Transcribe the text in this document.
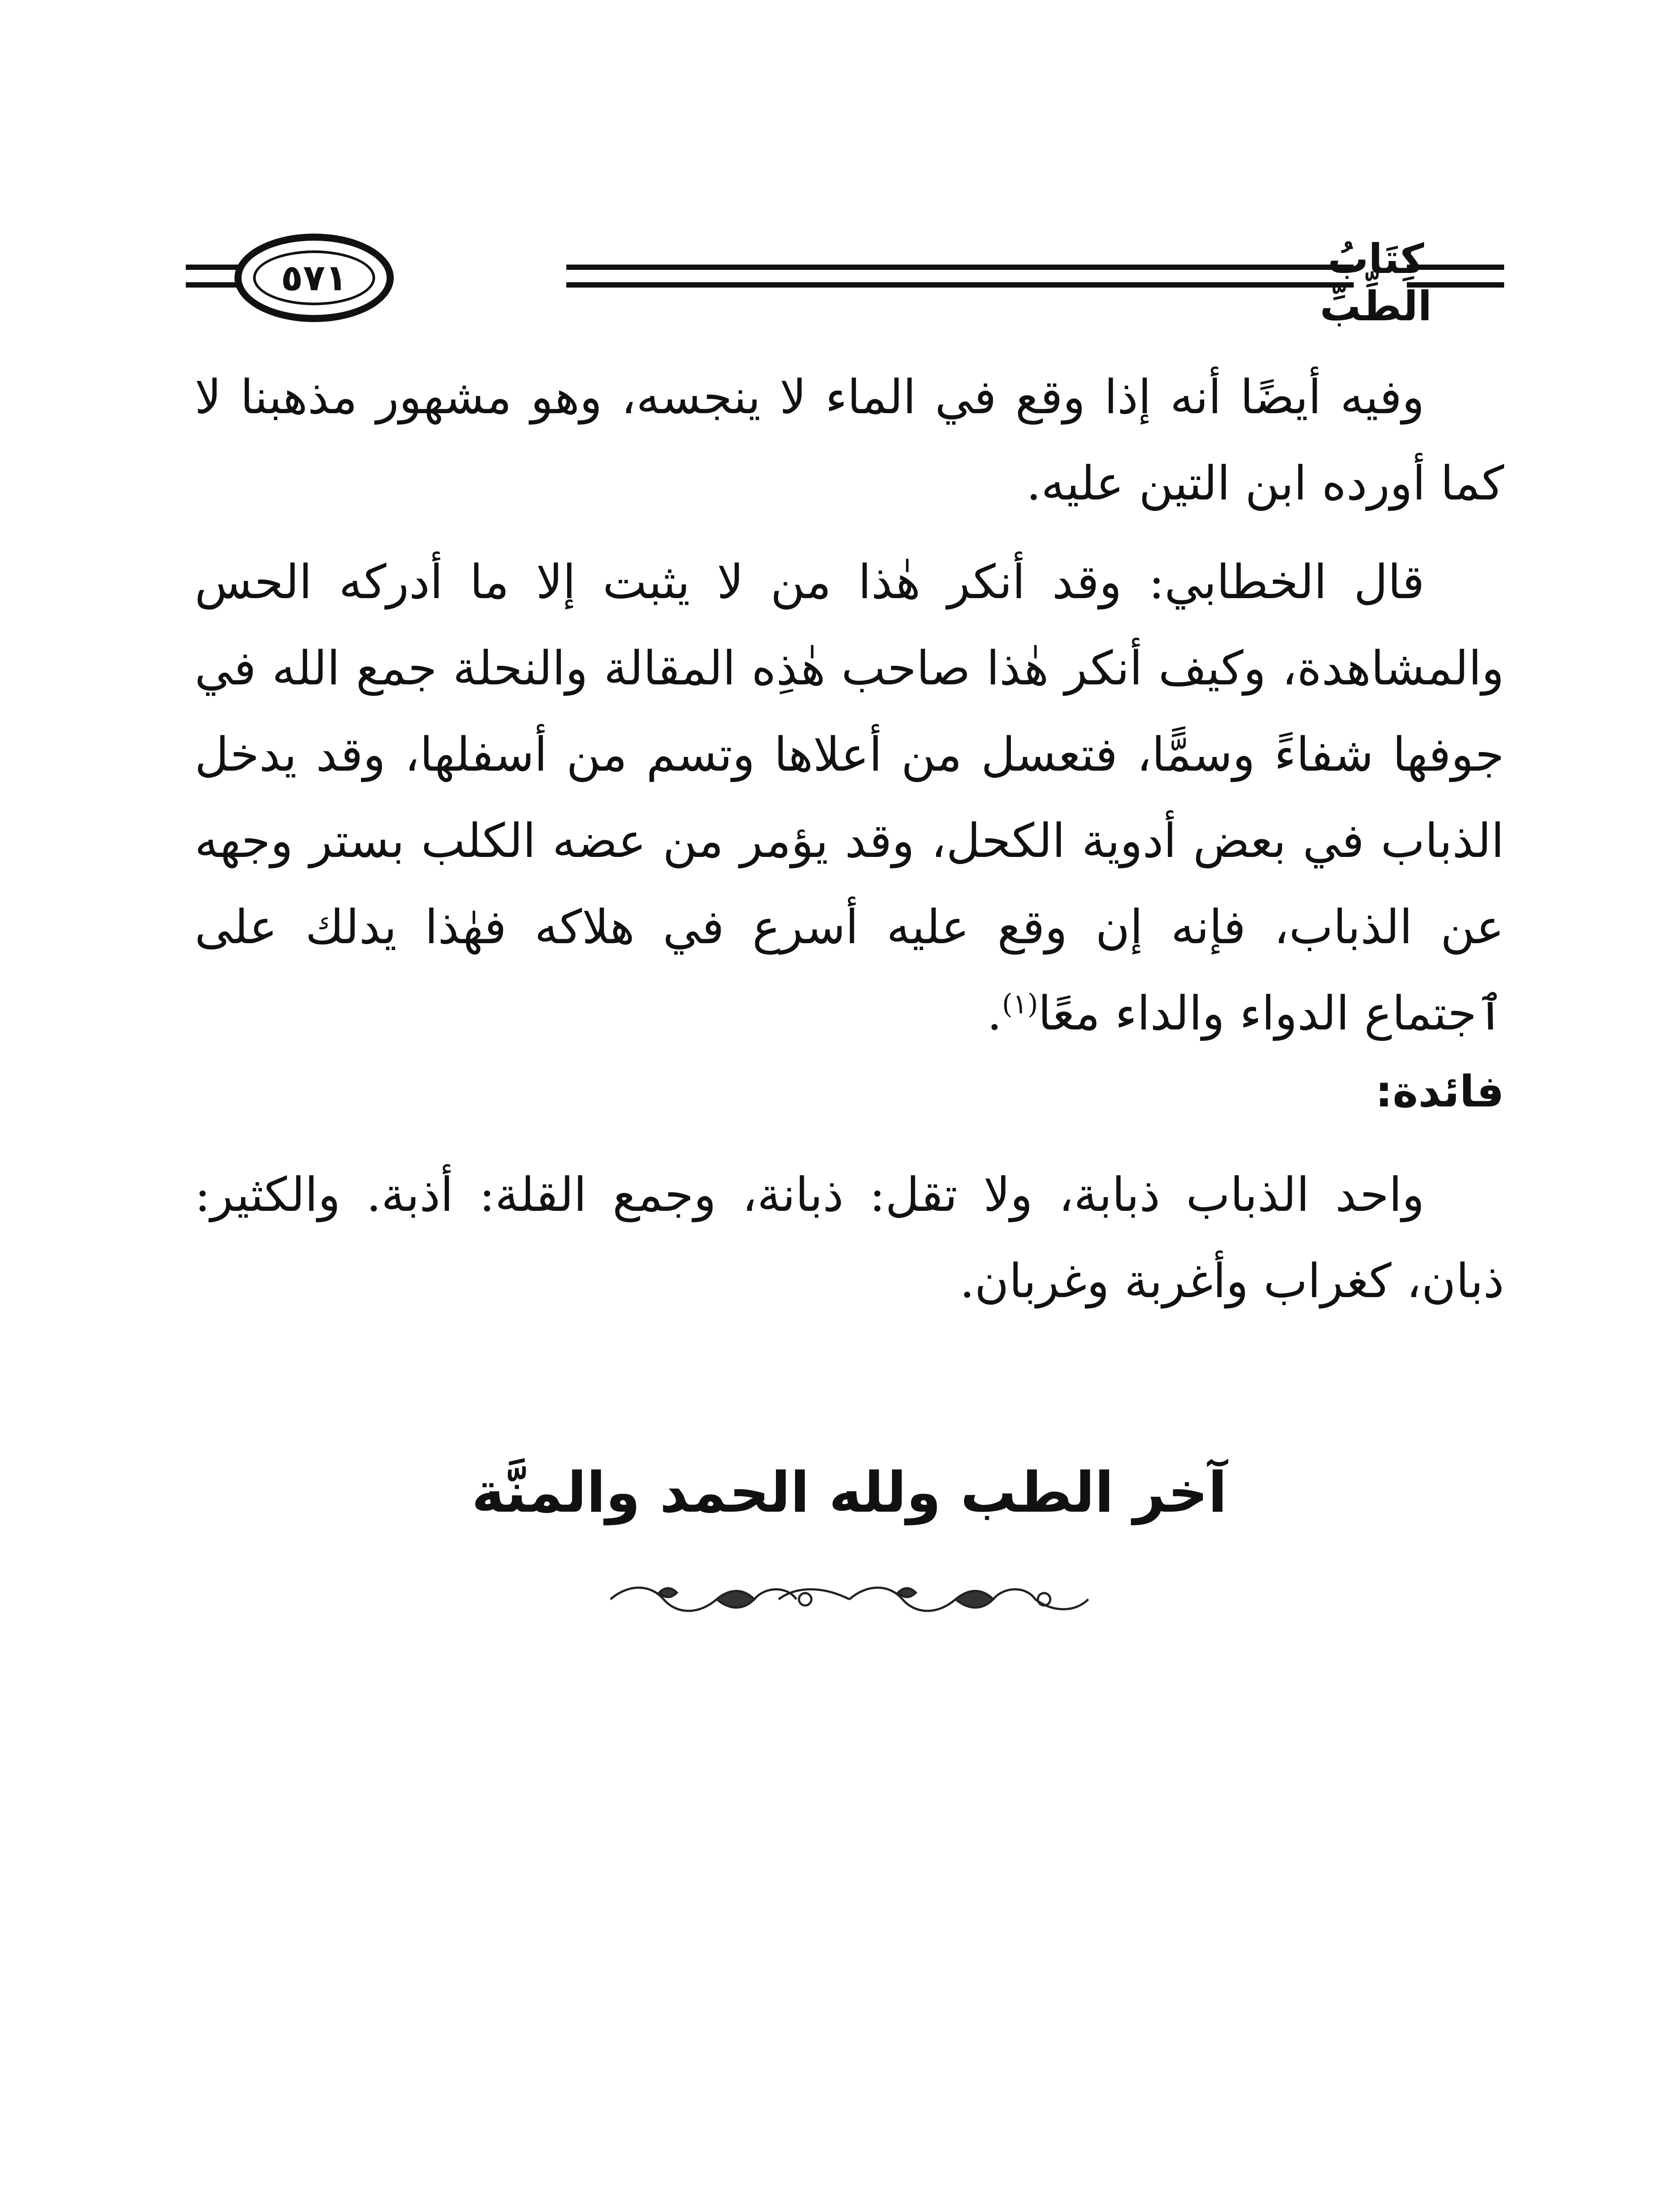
٥٧١	كِتَابُ الطِّبِّ

وفيه أيضًا أنه إذا وقع في الماء لا ينجسه، وهو مشهور مذهبنا لا كما أورده ابن التين عليه.

قال الخطابي: وقد أنكر هٰذا من لا يثبت إلا ما أدركه الحس والمشاهدة، وكيف أنكر هٰذا صاحب هٰذِه المقالة والنحلة جمع الله في جوفها شفاءً وسمًّا، فتعسل من أعلاها وتسم من أسفلها، وقد يدخل الذباب في بعض أدوية الكحل، وقد يؤمر من عضه الكلب بستر وجهه عن الذباب، فإنه إن وقع عليه أسرع في هلاكه فهٰذا يدلك على ٱجتماع الدواء والداء معًا$^{(١)}$.

فائدة:

واحد الذباب ذبابة، ولا تقل: ذبانة، وجمع القلة: أذبة. والكثير: ذبان، كغراب وأغربة وغربان.

آخر الطب ولله الحمد والمنَّة
